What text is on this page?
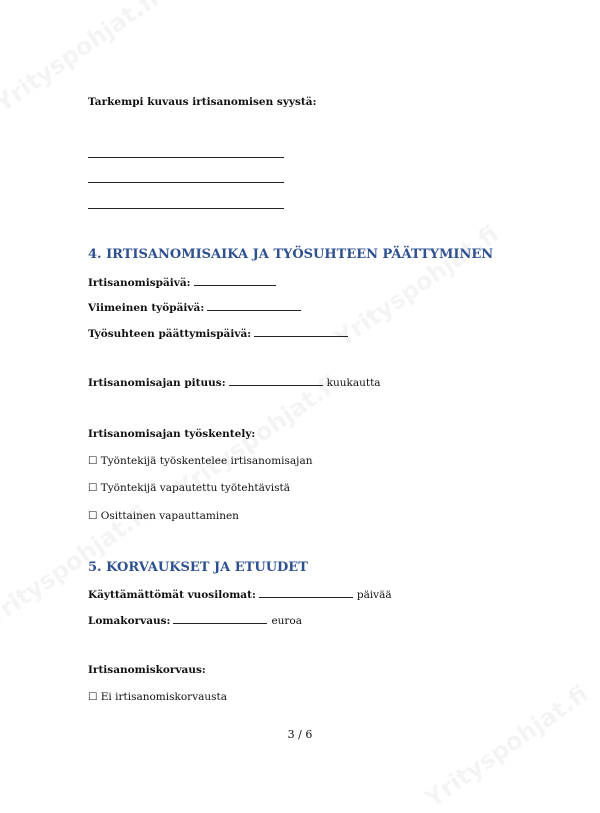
Tarkempi kuvaus irtisanomisen syystä:
4. IRTISANOMISAIKA JA TYÖSUHTEEN PÄÄTTYMINEN
Irtisanomispäivä:
Viimeinen työpäivä:
Työsuhteen päättymispäivä:
Irtisanomisajan pituus:	kuukautta
Irtisanomisajan työskentely:
☐ Työntekijä työskentelee irtisanomisajan
☐ Työntekijä vapautettu työtehtävistä
☐ Osittainen vapauttaminen
5. KORVAUKSET JA ETUUDET
Käyttämättömät vuosilomat:	päivää
Lomakorvaus:	euroa
Irtisanomiskorvaus:
☐ Ei irtisanomiskorvausta
3 / 6
